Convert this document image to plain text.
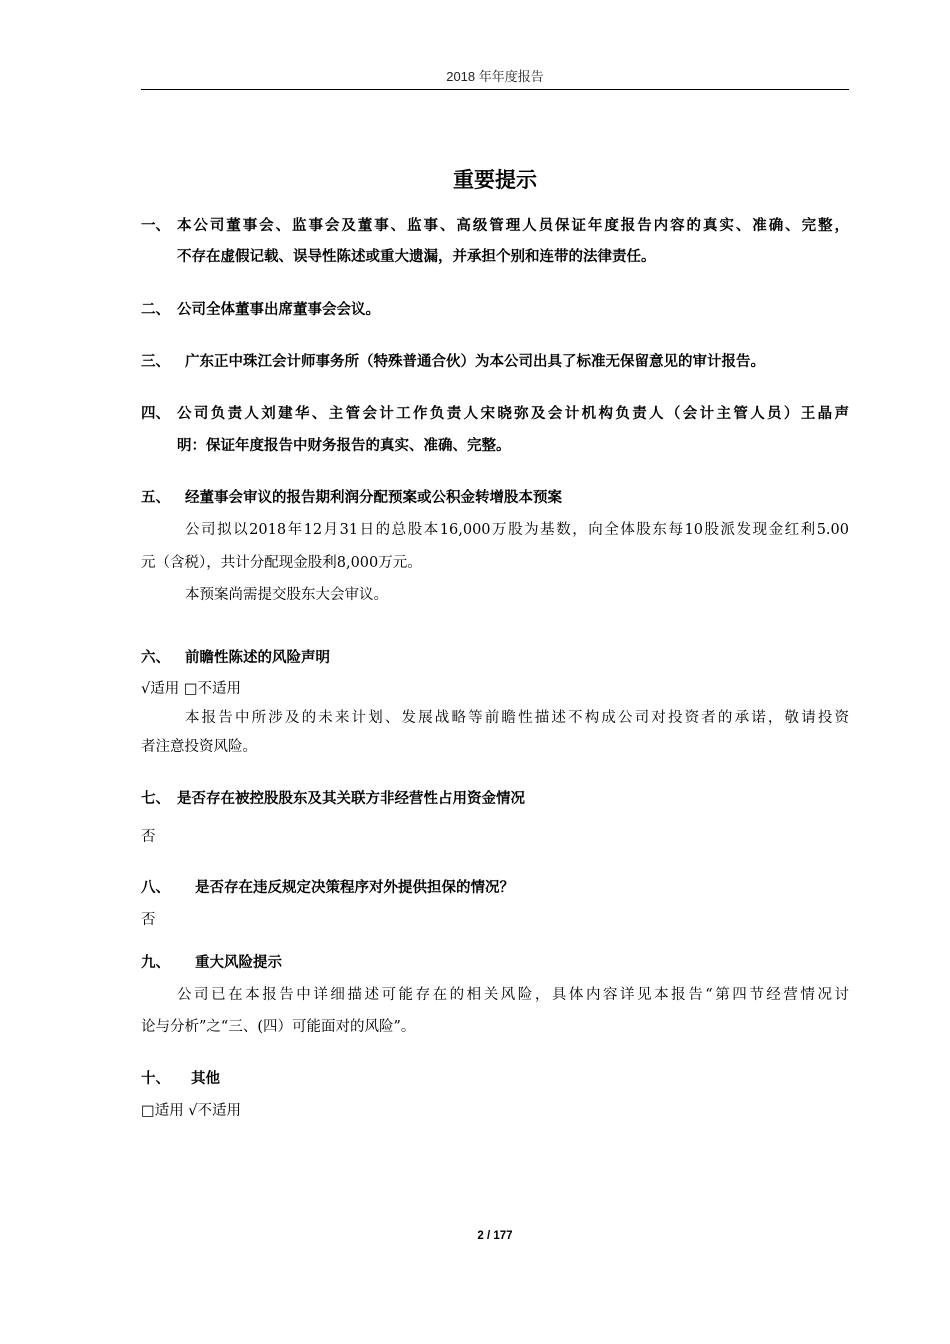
2018 年年度报告
重要提示
一、 本公司董事会、监事会及董事、监事、高级管理人员保证年度报告内容的真实、准确、完整，
不存在虚假记载、误导性陈述或重大遗漏，并承担个别和连带的法律责任。
二、 公司全体董事出席董事会会议。
三、 广东正中珠江会计师事务所（特殊普通合伙）为本公司出具了标准无保留意见的审计报告。
四、 公司负责人刘建华、主管会计工作负责人宋晓弥及会计机构负责人（会计主管人员）王晶声
明：保证年度报告中财务报告的真实、准确、完整。
五、 经董事会审议的报告期利润分配预案或公积金转增股本预案
公司拟以2018年12月31日的总股本16,000万股为基数，向全体股东每10股派发现金红利5.00
元（含税），共计分配现金股利8,000万元。
本预案尚需提交股东大会审议。
六、 前瞻性陈述的风险声明
√适用 □不适用
本报告中所涉及的未来计划、发展战略等前瞻性描述不构成公司对投资者的承诺，敬请投资
者注意投资风险。
七、 是否存在被控股股东及其关联方非经营性占用资金情况
否
八、 是否存在违反规定决策程序对外提供担保的情况？
否
九、 重大风险提示
公司已在本报告中详细描述可能存在的相关风险，具体内容详见本报告“第四节经营情况讨
论与分析”之“三、(四）可能面对的风险”。
十、 其他
□适用 √不适用
2 / 177
